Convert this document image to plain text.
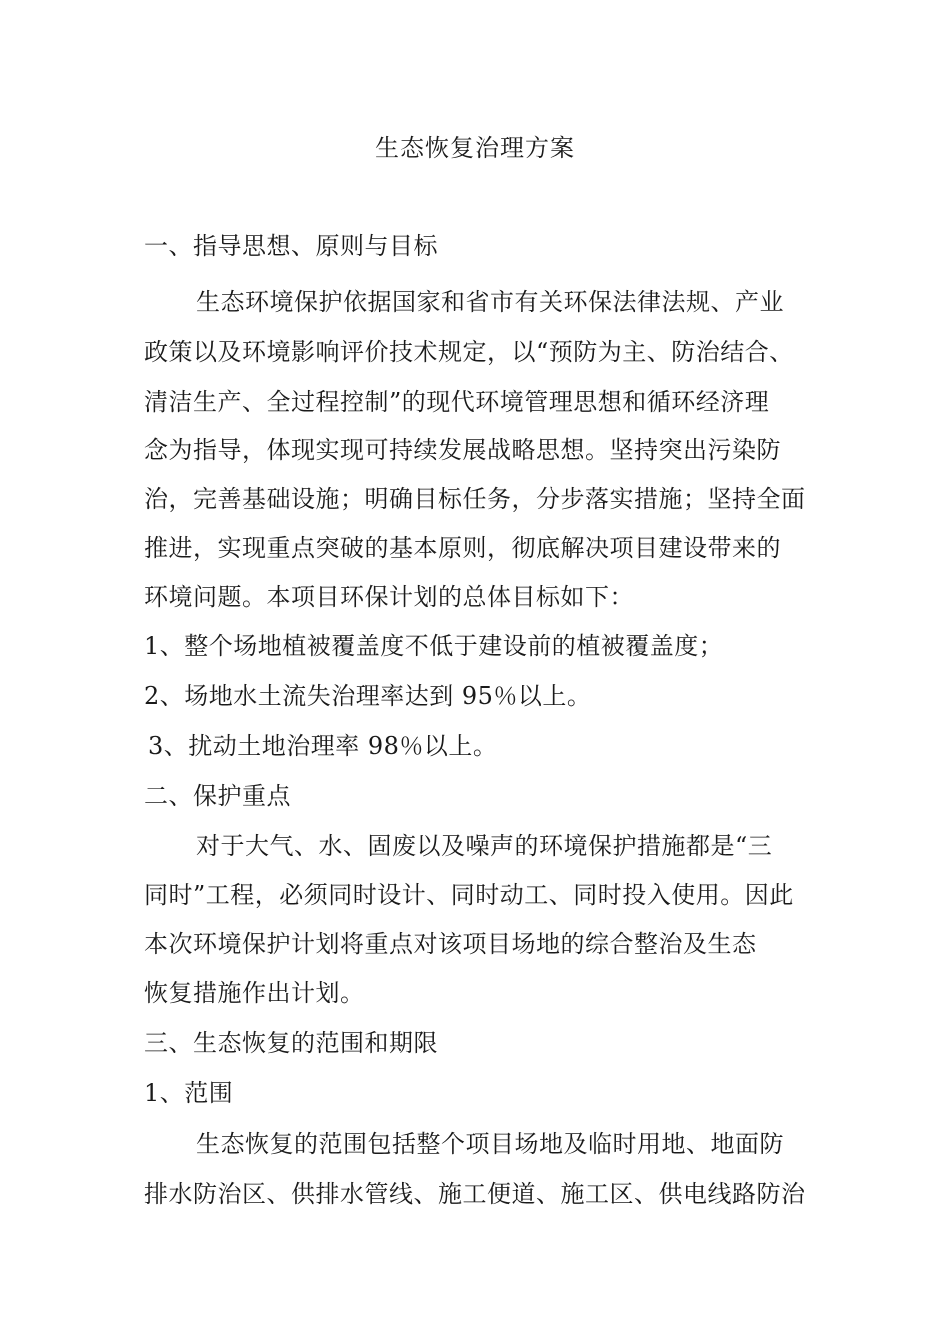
生态恢复治理方案
一、指导思想、原则与目标
生态环境保护依据国家和省市有关环保法律法规、产业
政策以及环境影响评价技术规定，以“预防为主、防治结合、
清洁生产、全过程控制”的现代环境管理思想和循环经济理
念为指导，体现实现可持续发展战略思想。坚持突出污染防
治，完善基础设施；明确目标任务，分步落实措施；坚持全面
推进，实现重点突破的基本原则，彻底解决项目建设带来的
环境问题。本项目环保计划的总体目标如下：
1、整个场地植被覆盖度不低于建设前的植被覆盖度；
2、场地水土流失治理率达到 95％以上。
3、扰动土地治理率 98％以上。
二、保护重点
对于大气、水、固废以及噪声的环境保护措施都是“三
同时”工程，必须同时设计、同时动工、同时投入使用。因此
本次环境保护计划将重点对该项目场地的综合整治及生态
恢复措施作出计划。
三、生态恢复的范围和期限
1、范围
生态恢复的范围包括整个项目场地及临时用地、地面防
排水防治区、供排水管线、施工便道、施工区、供电线路防治
